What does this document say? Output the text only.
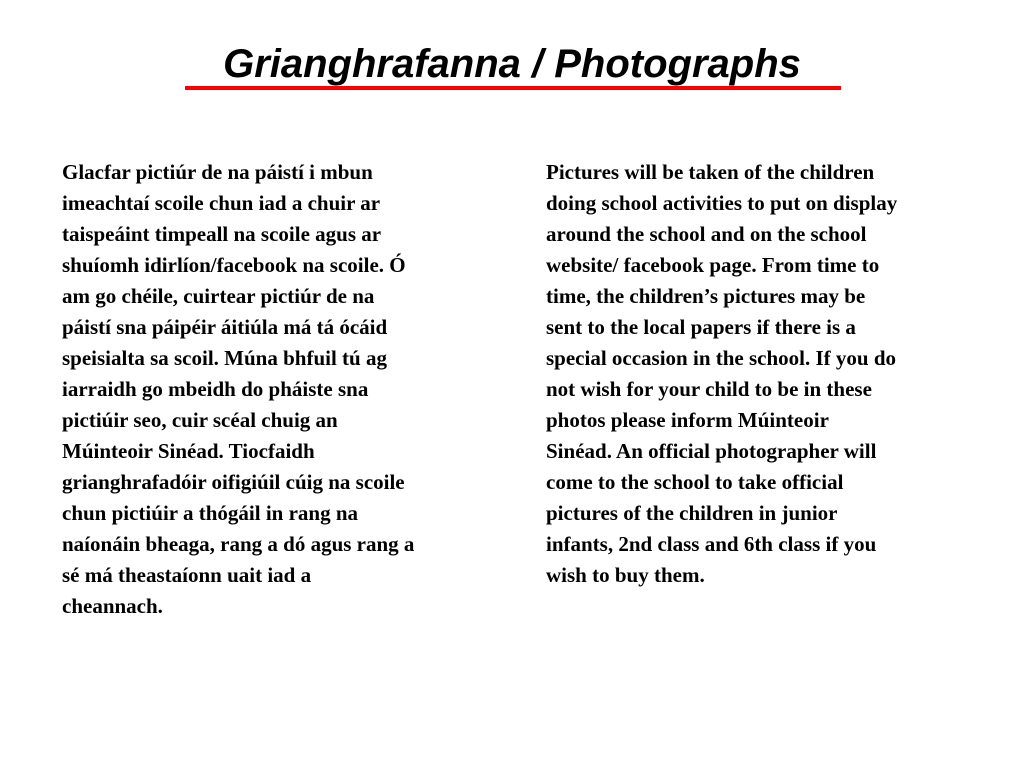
Grianghrafanna / Photographs

Glacfar pictiúr de na páistí i mbun
imeachtaí scoile chun iad a chuir ar
taispeáint timpeall na scoile agus ar
shuíomh idirlíon/facebook na scoile. Ó
am go chéile, cuirtear pictiúr de na
páistí sna páipéir áitiúla má tá ócáid
speisialta sa scoil. Múna bhfuil tú ag
iarraidh go mbeidh do pháiste sna
pictiúir seo, cuir scéal chuig an
Múinteoir Sinéad. Tiocfaidh
grianghrafadóir oifigiúil cúig na scoile
chun pictiúir a thógáil in rang na
naíonáin bheaga, rang a dó agus rang a
sé má theastaíonn uait iad a
cheannach.

Pictures will be taken of the children
doing school activities to put on display
around the school and on the school
website/ facebook page. From time to
time, the children’s pictures may be
sent to the local papers if there is a
special occasion in the school. If you do
not wish for your child to be in these
photos please inform Múinteoir
Sinéad. An official photographer will
come to the school to take official
pictures of the children in junior
infants, 2nd class and 6th class if you
wish to buy them.
